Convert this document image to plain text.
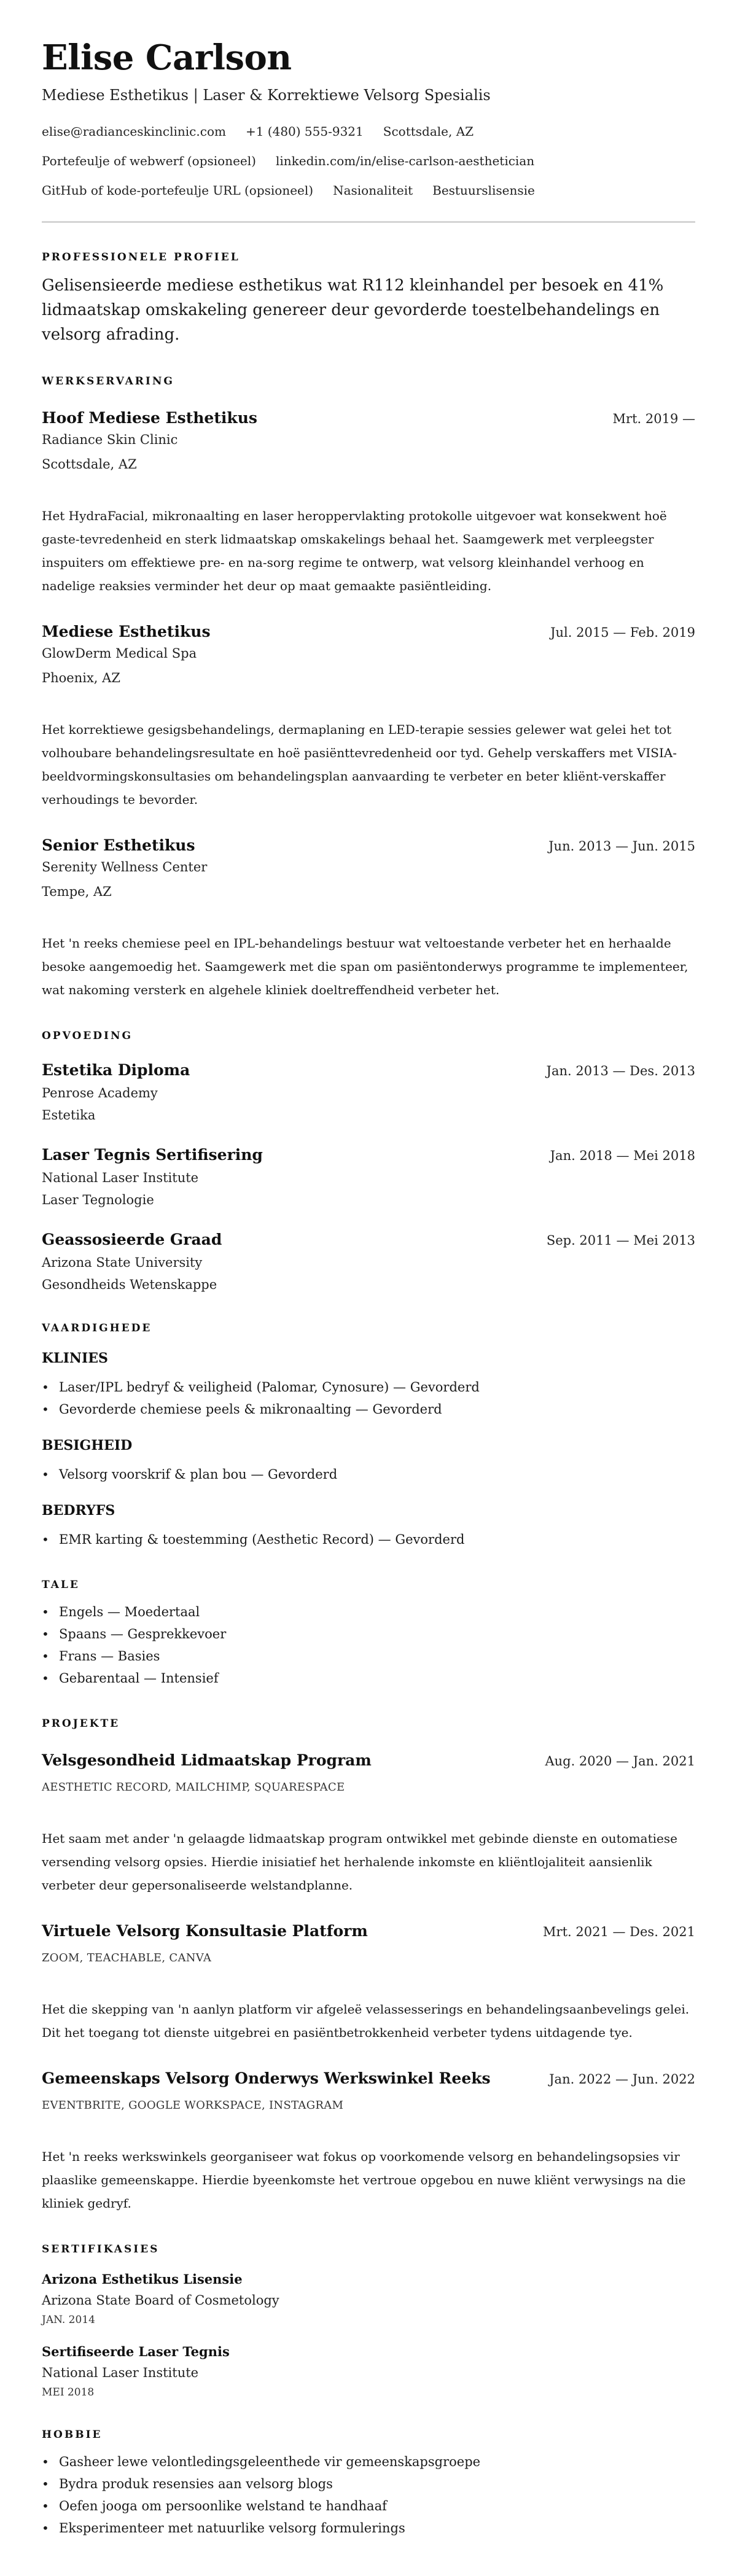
Elise Carlson
Mediese Esthetikus | Laser & Korrektiewe Velsorg Spesialis
elise@radianceskinclinic.com +1 (480) 555-9321 Scottsdale, AZ
Portefeulje of webwerf (opsioneel) linkedin.com/in/elise-carlson-aesthetician
GitHub of kode-portefeulje URL (opsioneel) Nasionaliteit Bestuurslisensie
PROFESSIONELE PROFIEL

Gelisensieerde mediese esthetikus wat R112 kleinhandel per besoek en 41% lidmaatskap omskakeling genereer deur gevorderde toestelbehandelings en velsorg afrading.

WERKSERVARING
Hoof Mediese Esthetikus	Mrt. 2019 —
Radiance Skin Clinic
Scottsdale, AZ

Het HydraFacial, mikronaalting en laser heroppervlakting protokolle uitgevoer wat konsekwent hoë gaste-tevredenheid en sterk lidmaatskap omskakelings behaal het. Saamgewerk met verpleegster inspuiters om effektiewe pre- en na-sorg regime te ontwerp, wat velsorg kleinhandel verhoog en nadelige reaksies verminder het deur op maat gemaakte pasiëntleiding.

Mediese Esthetikus	Jul. 2015 — Feb. 2019
GlowDerm Medical Spa
Phoenix, AZ

Het korrektiewe gesigsbehandelings, dermaplaning en LED-terapie sessies gelewer wat gelei het tot volhoubare behandelingsresultate en hoë pasiënttevredenheid oor tyd. Gehelp verskaffers met VISIA-beeldvormingskonsultasies om behandelingsplan aanvaarding te verbeter en beter kliënt-verskaffer verhoudings te bevorder.

Senior Esthetikus	Jun. 2013 — Jun. 2015
Serenity Wellness Center
Tempe, AZ

Het 'n reeks chemiese peel en IPL-behandelings bestuur wat veltoestande verbeter het en herhaalde besoke aangemoedig het. Saamgewerk met die span om pasiëntonderwys programme te implementeer, wat nakoming versterk en algehele kliniek doeltreffendheid verbeter het.

OPVOEDING
Estetika Diploma	Jan. 2013 — Des. 2013
Penrose Academy
Estetika
Laser Tegnis Sertifisering	Jan. 2018 — Mei 2018
National Laser Institute
Laser Tegnologie
Geassosieerde Graad	Sep. 2011 — Mei 2013
Arizona State University
Gesondheids Wetenskappe
VAARDIGHEDE
KLINIES
• Laser/IPL bedryf & veiligheid (Palomar, Cynosure) — Gevorderd
• Gevorderde chemiese peels & mikronaalting — Gevorderd
BESIGHEID
• Velsorg voorskrif & plan bou — Gevorderd
BEDRYFS
• EMR karting & toestemming (Aesthetic Record) — Gevorderd
TALE
• Engels — Moedertaal
• Spaans — Gesprekkevoer
• Frans — Basies
• Gebarentaal — Intensief
PROJEKTE
Velsgesondheid Lidmaatskap Program	Aug. 2020 — Jan. 2021
AESTHETIC RECORD, MAILCHIMP, SQUARESPACE

Het saam met ander 'n gelaagde lidmaatskap program ontwikkel met gebinde dienste en outomatiese versending velsorg opsies. Hierdie inisiatief het herhalende inkomste en kliëntlojaliteit aansienlik verbeter deur gepersonaliseerde welstandplanne.

Virtuele Velsorg Konsultasie Platform	Mrt. 2021 — Des. 2021
ZOOM, TEACHABLE, CANVA

Het die skepping van 'n aanlyn platform vir afgeleë velassesserings en behandelingsaanbevelings gelei. Dit het toegang tot dienste uitgebrei en pasiëntbetrokkenheid verbeter tydens uitdagende tye.

Gemeenskaps Velsorg Onderwys Werkswinkel Reeks	Jan. 2022 — Jun. 2022
EVENTBRITE, GOOGLE WORKSPACE, INSTAGRAM

Het 'n reeks werkswinkels georganiseer wat fokus op voorkomende velsorg en behandelingsopsies vir plaaslike gemeenskappe. Hierdie byeenkomste het vertroue opgebou en nuwe kliënt verwysings na die kliniek gedryf.

SERTIFIKASIES
Arizona Esthetikus Lisensie
Arizona State Board of Cosmetology
JAN. 2014
Sertifiseerde Laser Tegnis
National Laser Institute
MEI 2018
HOBBIE
• Gasheer lewe velontledingsgeleenthede vir gemeenskapsgroepe
• Bydra produk resensies aan velsorg blogs
• Oefen jooga om persoonlike welstand te handhaaf
• Eksperimenteer met natuurlike velsorg formulerings
